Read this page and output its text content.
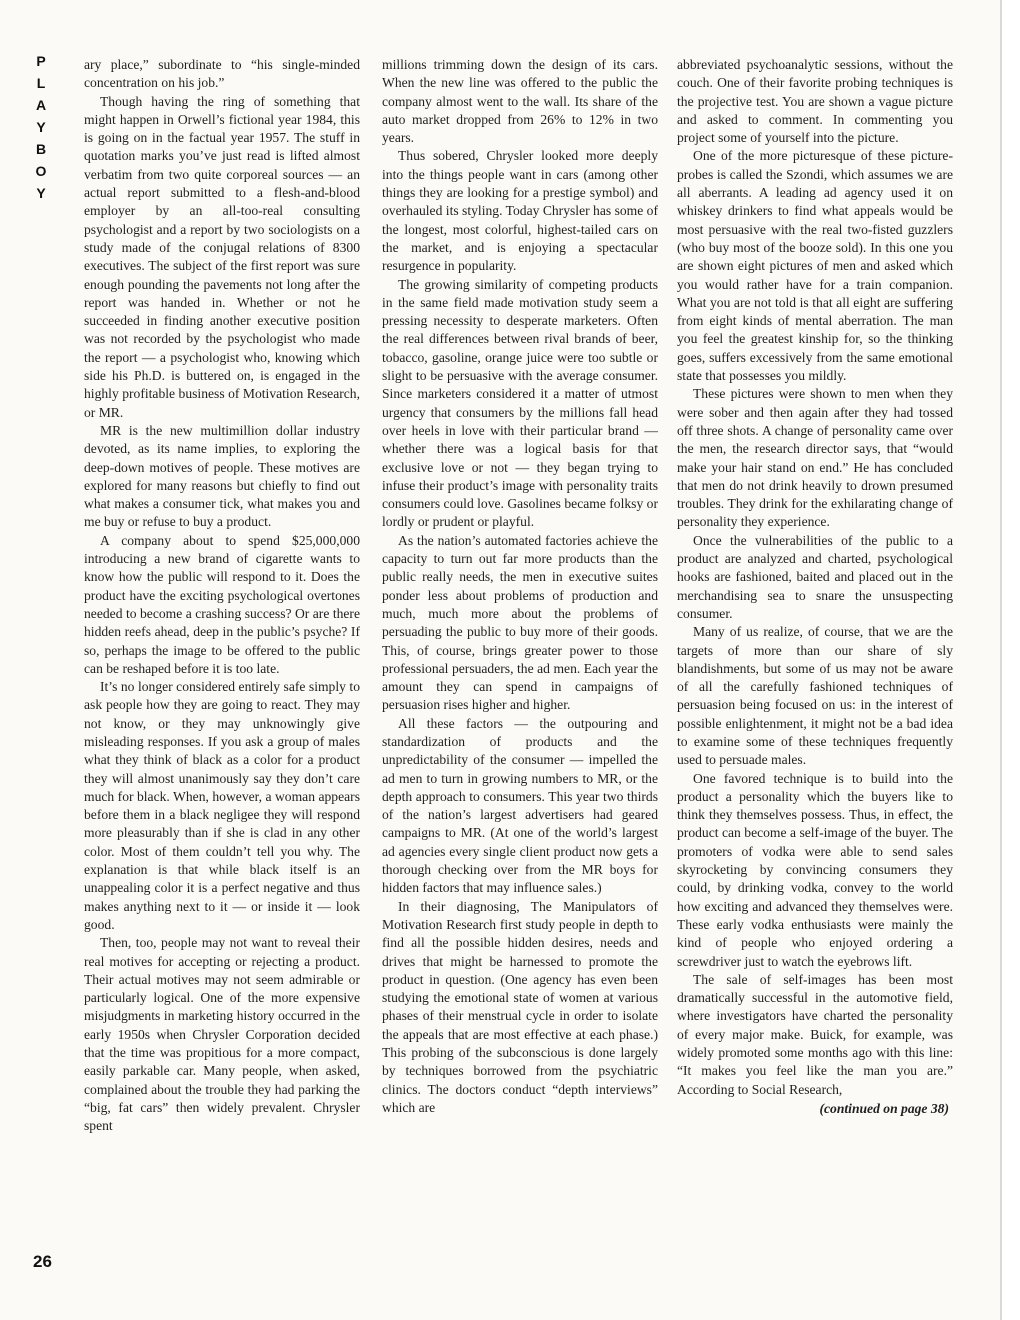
P
L
A
Y
B
O
Y

ary place,” subordinate to “his single-minded concentration on his job.”

Though having the ring of something that might happen in Orwell’s fictional year 1984, this is going on in the factual year 1957. The stuff in quotation marks you’ve just read is lifted almost verbatim from two quite corporeal sources — an actual report submitted to a flesh-and-blood employer by an all-too-real consulting psychologist and a report by two sociologists on a study made of the conjugal relations of 8300 executives. The subject of the first report was sure enough pounding the pavements not long after the report was handed in. Whether or not he succeeded in finding another executive position was not recorded by the psychologist who made the report — a psychologist who, knowing which side his Ph.D. is buttered on, is engaged in the highly profitable business of Motivation Research, or MR.

MR is the new multimillion dollar industry devoted, as its name implies, to exploring the deep-down motives of people. These motives are explored for many reasons but chiefly to find out what makes a consumer tick, what makes you and me buy or refuse to buy a product.

A company about to spend $25,000,000 introducing a new brand of cigarette wants to know how the public will respond to it. Does the product have the exciting psychological overtones needed to become a crashing success? Or are there hidden reefs ahead, deep in the public’s psyche? If so, perhaps the image to be offered to the public can be reshaped before it is too late.

It’s no longer considered entirely safe simply to ask people how they are going to react. They may not know, or they may unknowingly give misleading responses. If you ask a group of males what they think of black as a color for a product they will almost unanimously say they don’t care much for black. When, however, a woman appears before them in a black negligee they will respond more pleasurably than if she is clad in any other color. Most of them couldn’t tell you why. The explanation is that while black itself is an unappealing color it is a perfect negative and thus makes anything next to it — or inside it — look good.

Then, too, people may not want to reveal their real motives for accepting or rejecting a product. Their actual motives may not seem admirable or particularly logical. One of the more expensive misjudgments in marketing history occurred in the early 1950s when Chrysler Corporation decided that the time was propitious for a more compact, easily parkable car. Many people, when asked, complained about the trouble they had parking the “big, fat cars” then widely prevalent. Chrysler spent

millions trimming down the design of its cars. When the new line was offered to the public the company almost went to the wall. Its share of the auto market dropped from 26% to 12% in two years.

Thus sobered, Chrysler looked more deeply into the things people want in cars (among other things they are looking for a prestige symbol) and overhauled its styling. Today Chrysler has some of the longest, most colorful, highest-tailed cars on the market, and is enjoying a spectacular resurgence in popularity.

The growing similarity of competing products in the same field made motivation study seem a pressing necessity to desperate marketers. Often the real differences between rival brands of beer, tobacco, gasoline, orange juice were too subtle or slight to be persuasive with the average consumer. Since marketers considered it a matter of utmost urgency that consumers by the millions fall head over heels in love with their particular brand — whether there was a logical basis for that exclusive love or not — they began trying to infuse their product’s image with personality traits consumers could love. Gasolines became folksy or lordly or prudent or playful.

As the nation’s automated factories achieve the capacity to turn out far more products than the public really needs, the men in executive suites ponder less about problems of production and much, much more about the problems of persuading the public to buy more of their goods. This, of course, brings greater power to those professional persuaders, the ad men. Each year the amount they can spend in campaigns of persuasion rises higher and higher.

All these factors — the outpouring and standardization of products and the unpredictability of the consumer — impelled the ad men to turn in growing numbers to MR, or the depth approach to consumers. This year two thirds of the nation’s largest advertisers had geared campaigns to MR. (At one of the world’s largest ad agencies every single client product now gets a thorough checking over from the MR boys for hidden factors that may influence sales.)

In their diagnosing, The Manipulators of Motivation Research first study people in depth to find all the possible hidden desires, needs and drives that might be harnessed to promote the product in question. (One agency has even been studying the emotional state of women at various phases of their menstrual cycle in order to isolate the appeals that are most effective at each phase.) This probing of the subconscious is done largely by techniques borrowed from the psychiatric clinics. The doctors conduct “depth interviews” which are

abbreviated psychoanalytic sessions, without the couch. One of their favorite probing techniques is the projective test. You are shown a vague picture and asked to comment. In commenting you project some of yourself into the picture.

One of the more picturesque of these picture-probes is called the Szondi, which assumes we are all aberrants. A leading ad agency used it on whiskey drinkers to find what appeals would be most persuasive with the real two-fisted guzzlers (who buy most of the booze sold). In this one you are shown eight pictures of men and asked which you would rather have for a train companion. What you are not told is that all eight are suffering from eight kinds of mental aberration. The man you feel the greatest kinship for, so the thinking goes, suffers excessively from the same emotional state that possesses you mildly.

These pictures were shown to men when they were sober and then again after they had tossed off three shots. A change of personality came over the men, the research director says, that “would make your hair stand on end.” He has concluded that men do not drink heavily to drown presumed troubles. They drink for the exhilarating change of personality they experience.

Once the vulnerabilities of the public to a product are analyzed and charted, psychological hooks are fashioned, baited and placed out in the merchandising sea to snare the unsuspecting consumer.

Many of us realize, of course, that we are the targets of more than our share of sly blandishments, but some of us may not be aware of all the carefully fashioned techniques of persuasion being focused on us: in the interest of possible enlightenment, it might not be a bad idea to examine some of these techniques frequently used to persuade males.

One favored technique is to build into the product a personality which the buyers like to think they themselves possess. Thus, in effect, the product can become a self-image of the buyer. The promoters of vodka were able to send sales skyrocketing by convincing consumers they could, by drinking vodka, convey to the world how exciting and advanced they themselves were. These early vodka enthusiasts were mainly the kind of people who enjoyed ordering a screwdriver just to watch the eyebrows lift.

The sale of self-images has been most dramatically successful in the automotive field, where investigators have charted the personality of every major make. Buick, for example, was widely promoted some months ago with this line: “It makes you feel like the man you are.” According to Social Research,

(continued on page 38)
26
